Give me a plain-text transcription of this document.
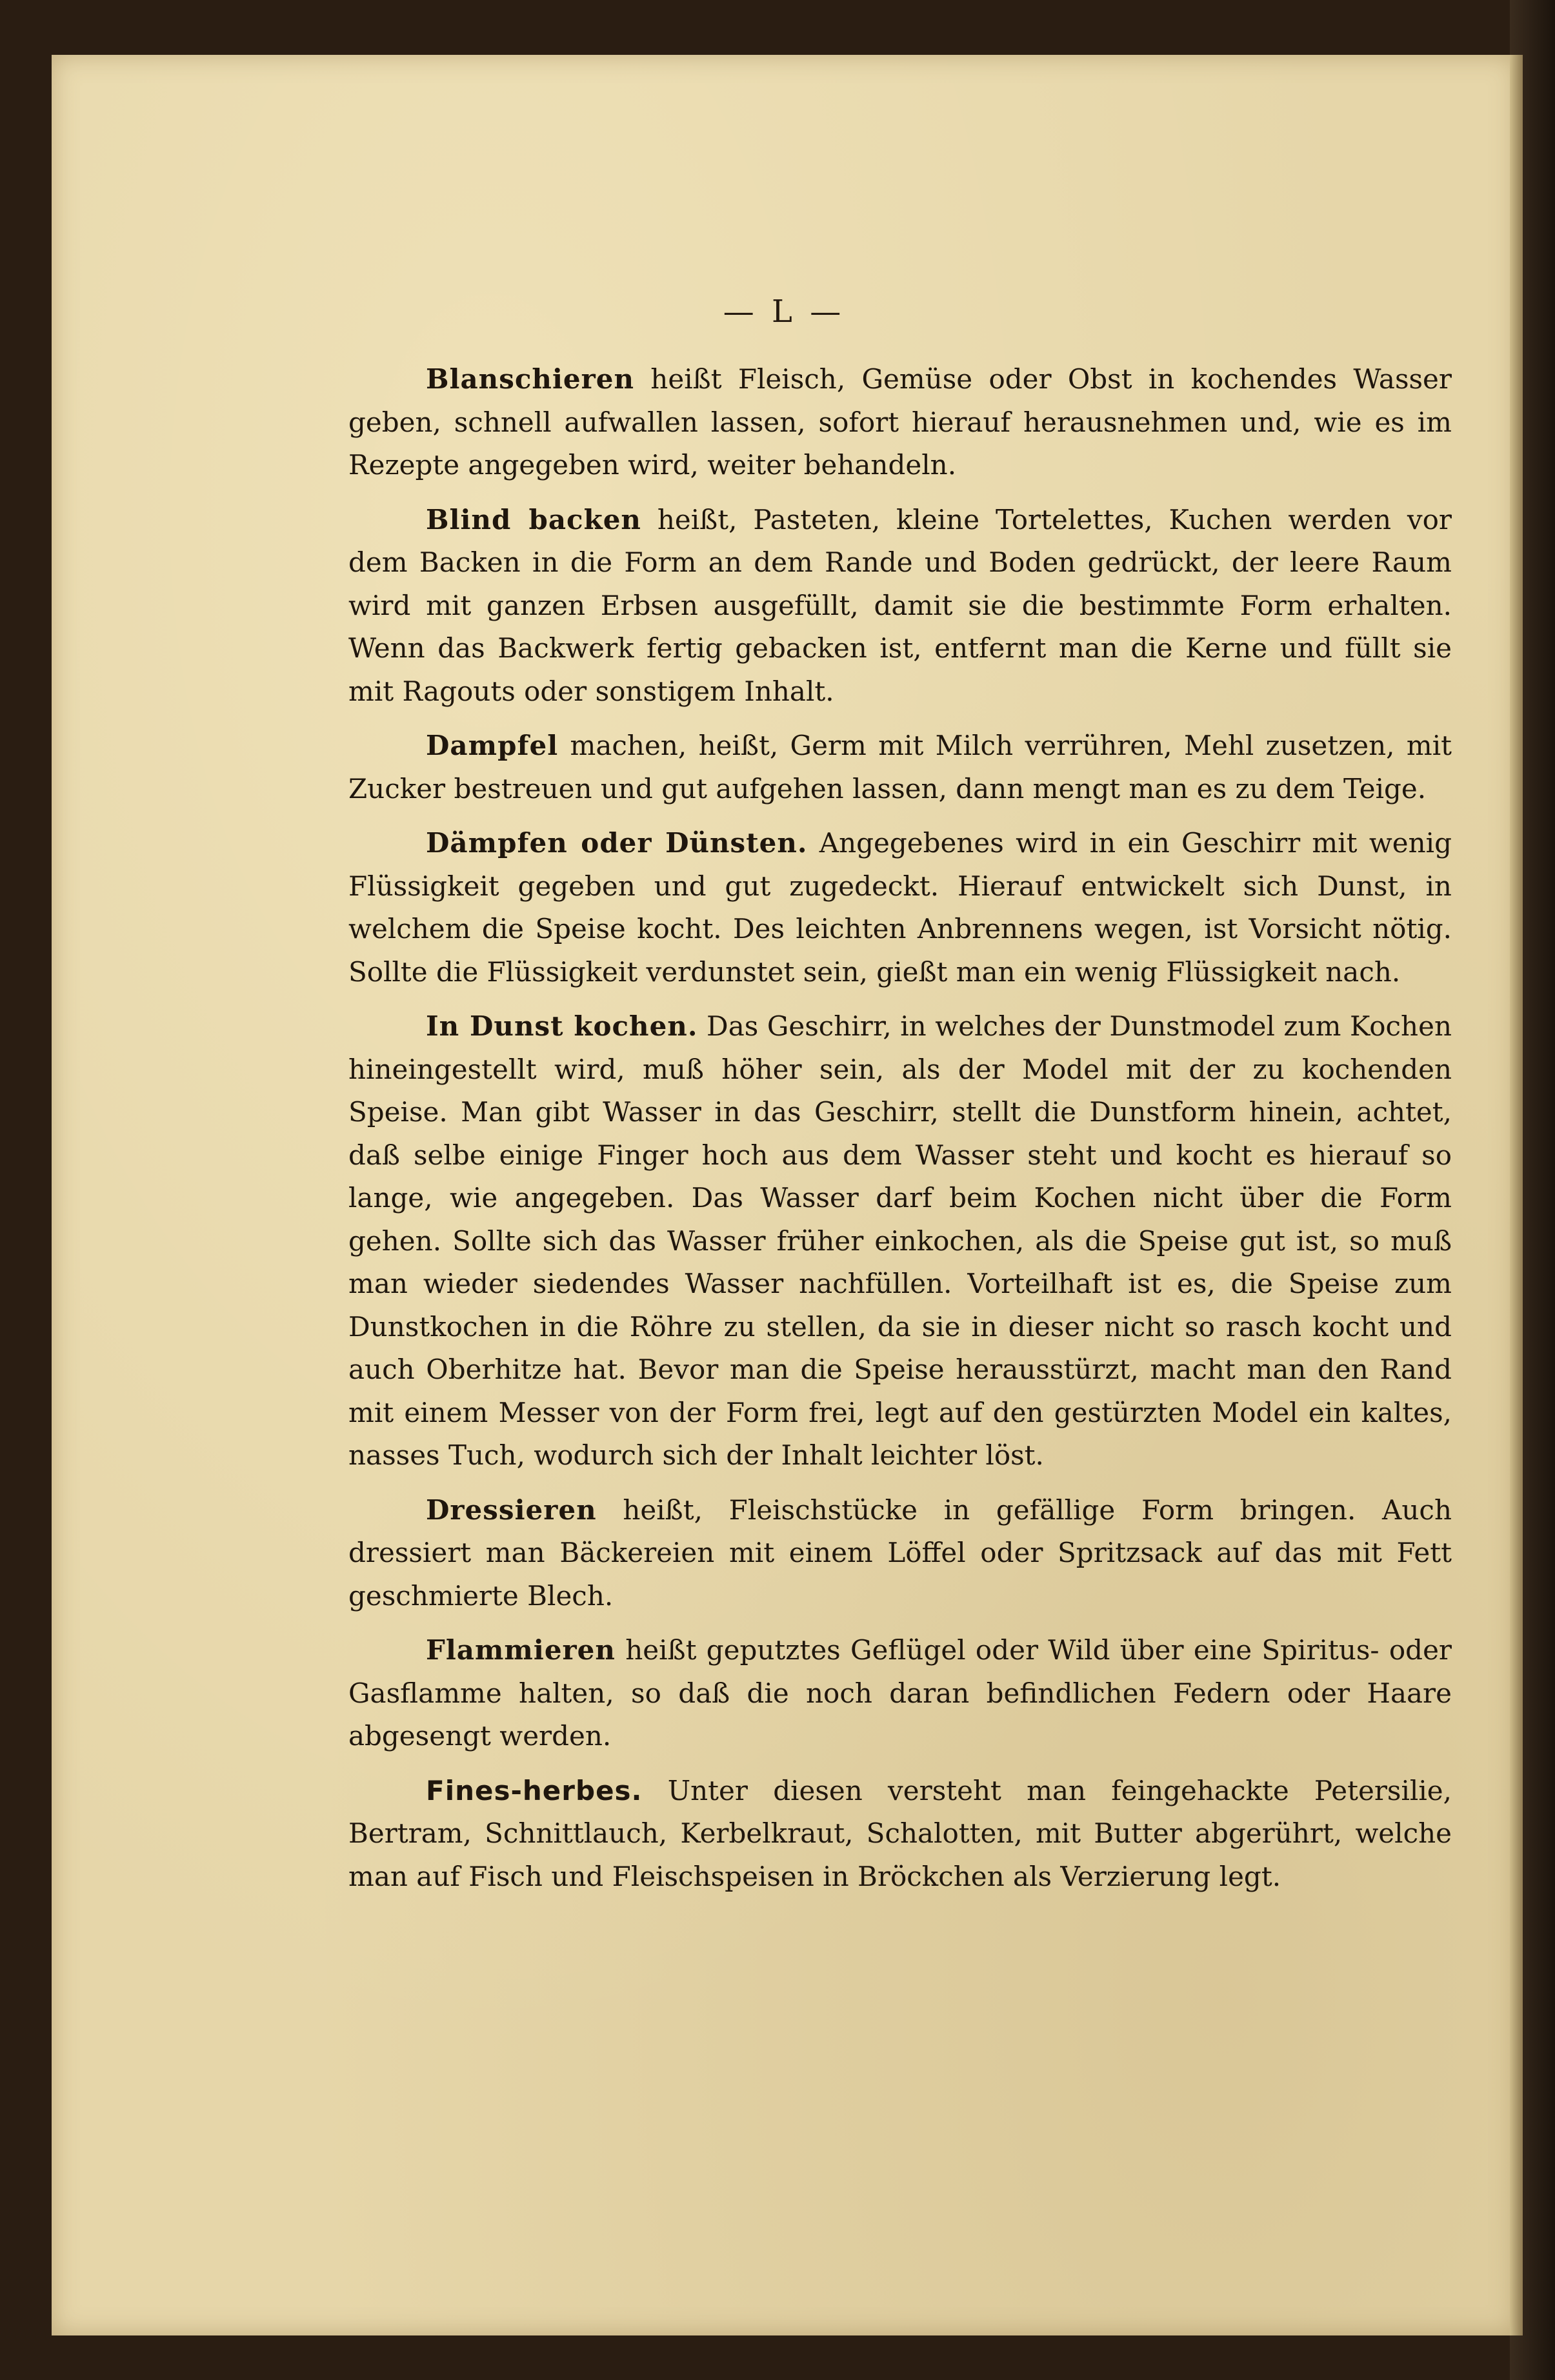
— L —

Blanschieren heißt Fleisch, Gemüse oder Obst in kochendes Wasser geben, schnell aufwallen lassen, sofort hierauf herausnehmen und, wie es im Rezepte angegeben wird, weiter behandeln.

Blind backen heißt, Pasteten, kleine Tortelettes, Kuchen werden vor dem Backen in die Form an dem Rande und Boden gedrückt, der leere Raum wird mit ganzen Erbsen ausgefüllt, damit sie die bestimmte Form erhalten. Wenn das Backwerk fertig gebacken ist, entfernt man die Kerne und füllt sie mit Ragouts oder sonstigem Inhalt.

Dampfel machen, heißt, Germ mit Milch verrühren, Mehl zusetzen, mit Zucker bestreuen und gut aufgehen lassen, dann mengt man es zu dem Teige.

Dämpfen oder Dünsten. Angegebenes wird in ein Geschirr mit wenig Flüssigkeit gegeben und gut zugedeckt. Hierauf entwickelt sich Dunst, in welchem die Speise kocht. Des leichten Anbrennens wegen, ist Vorsicht nötig. Sollte die Flüssigkeit verdunstet sein, gießt man ein wenig Flüssigkeit nach.

In Dunst kochen. Das Geschirr, in welches der Dunstmodel zum Kochen hineingestellt wird, muß höher sein, als der Model mit der zu kochenden Speise. Man gibt Wasser in das Geschirr, stellt die Dunstform hinein, achtet, daß selbe einige Finger hoch aus dem Wasser steht und kocht es hierauf so lange, wie angegeben. Das Wasser darf beim Kochen nicht über die Form gehen. Sollte sich das Wasser früher einkochen, als die Speise gut ist, so muß man wieder siedendes Wasser nachfüllen. Vorteilhaft ist es, die Speise zum Dunstkochen in die Röhre zu stellen, da sie in dieser nicht so rasch kocht und auch Oberhitze hat. Bevor man die Speise herausstürzt, macht man den Rand mit einem Messer von der Form frei, legt auf den gestürzten Model ein kaltes, nasses Tuch, wodurch sich der Inhalt leichter löst.

Dressieren heißt, Fleischstücke in gefällige Form bringen. Auch dressiert man Bäckereien mit einem Löffel oder Spritzsack auf das mit Fett geschmierte Blech.

Flammieren heißt geputztes Geflügel oder Wild über eine Spiritus- oder Gasflamme halten, so daß die noch daran befindlichen Federn oder Haare abgesengt werden.

Fines-herbes. Unter diesen versteht man feingehackte Petersilie, Bertram, Schnittlauch, Kerbelkraut, Schalotten, mit Butter abgerührt, welche man auf Fisch und Fleischspeisen in Bröckchen als Verzierung legt.
